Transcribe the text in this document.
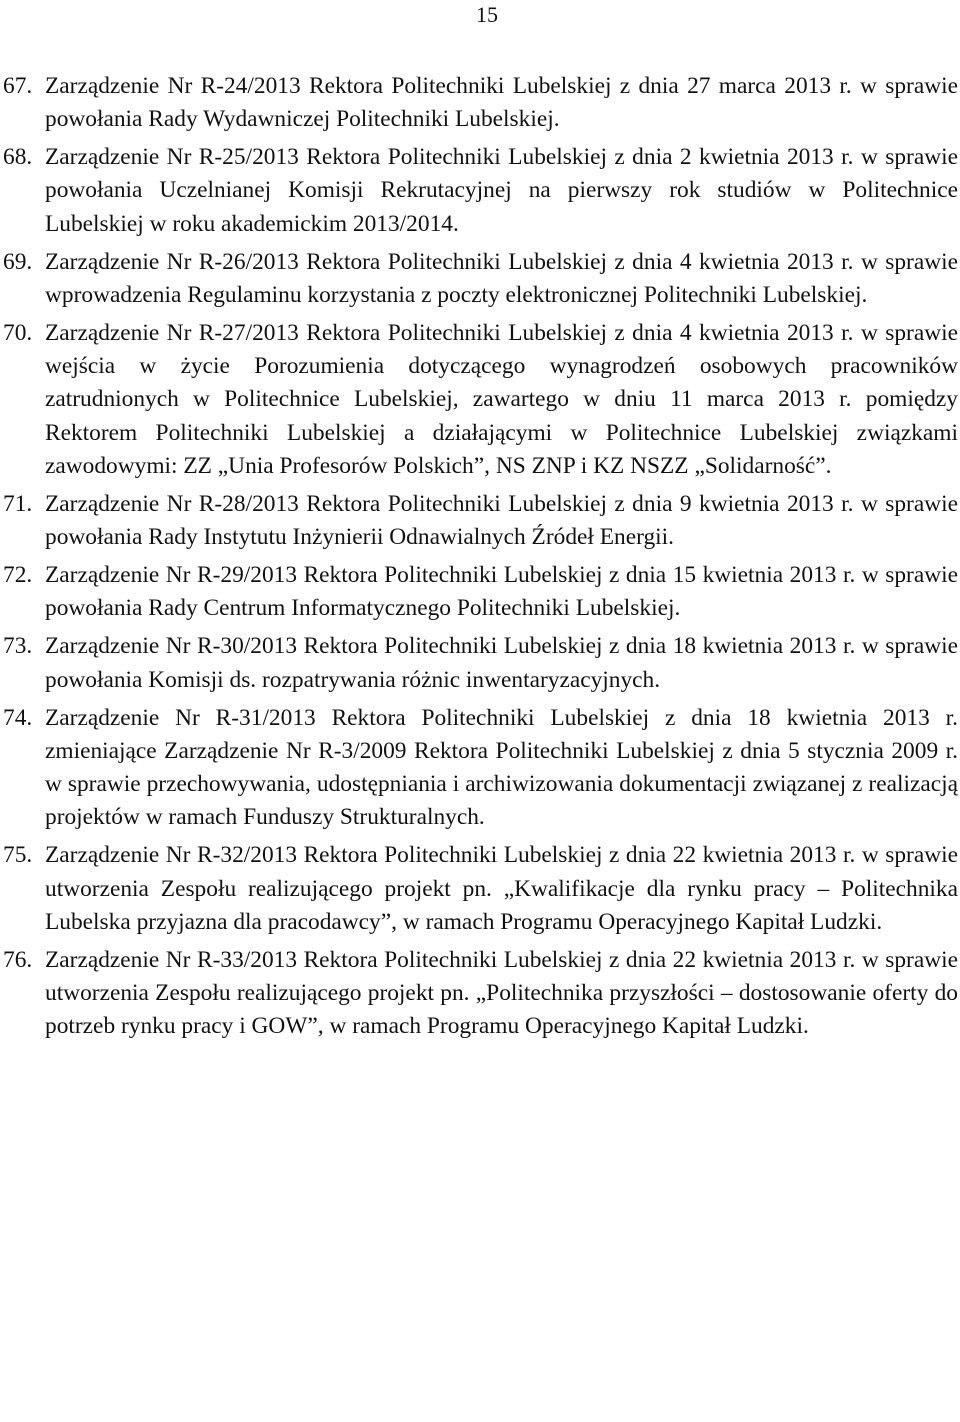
15
67. Zarządzenie Nr R-24/2013 Rektora Politechniki Lubelskiej z dnia 27 marca 2013 r. w sprawie powołania Rady Wydawniczej Politechniki Lubelskiej.
68. Zarządzenie Nr R-25/2013 Rektora Politechniki Lubelskiej z dnia 2 kwietnia 2013 r. w sprawie powołania Uczelnianej Komisji Rekrutacyjnej na pierwszy rok studiów w Politechnice Lubelskiej w roku akademickim 2013/2014.
69. Zarządzenie Nr R-26/2013 Rektora Politechniki Lubelskiej z dnia 4 kwietnia 2013 r. w sprawie wprowadzenia Regulaminu korzystania z poczty elektronicznej Politechniki Lubelskiej.
70. Zarządzenie Nr R-27/2013 Rektora Politechniki Lubelskiej z dnia 4 kwietnia 2013 r. w sprawie wejścia w życie Porozumienia dotyczącego wynagrodzeń osobowych pracowników zatrudnionych w Politechnice Lubelskiej, zawartego w dniu 11 marca 2013 r. pomiędzy Rektorem Politechniki Lubelskiej a działającymi w Politechnice Lubelskiej związkami zawodowymi: ZZ „Unia Profesorów Polskich”, NS ZNP i KZ NSZZ „Solidarność”.
71. Zarządzenie Nr R-28/2013 Rektora Politechniki Lubelskiej z dnia 9 kwietnia 2013 r. w sprawie powołania Rady Instytutu Inżynierii Odnawialnych Źródeł Energii.
72. Zarządzenie Nr R-29/2013 Rektora Politechniki Lubelskiej z dnia 15 kwietnia 2013 r. w sprawie powołania Rady Centrum Informatycznego Politechniki Lubelskiej.
73. Zarządzenie Nr R-30/2013 Rektora Politechniki Lubelskiej z dnia 18 kwietnia 2013 r. w sprawie powołania Komisji ds. rozpatrywania różnic inwentaryzacyjnych.
74. Zarządzenie Nr R-31/2013 Rektora Politechniki Lubelskiej z dnia 18 kwietnia 2013 r. zmieniające Zarządzenie Nr R-3/2009 Rektora Politechniki Lubelskiej z dnia 5 stycznia 2009 r. w sprawie przechowywania, udostępniania i archiwizowania dokumentacji związanej z realizacją projektów w ramach Funduszy Strukturalnych.
75. Zarządzenie Nr R-32/2013 Rektora Politechniki Lubelskiej z dnia 22 kwietnia 2013 r. w sprawie utworzenia Zespołu realizującego projekt pn. „Kwalifikacje dla rynku pracy – Politechnika Lubelska przyjazna dla pracodawcy”, w ramach Programu Operacyjnego Kapitał Ludzki.
76. Zarządzenie Nr R-33/2013 Rektora Politechniki Lubelskiej z dnia 22 kwietnia 2013 r. w sprawie utworzenia Zespołu realizującego projekt pn. „Politechnika przyszłości – dostosowanie oferty do potrzeb rynku pracy i GOW”, w ramach Programu Operacyjnego Kapitał Ludzki.
